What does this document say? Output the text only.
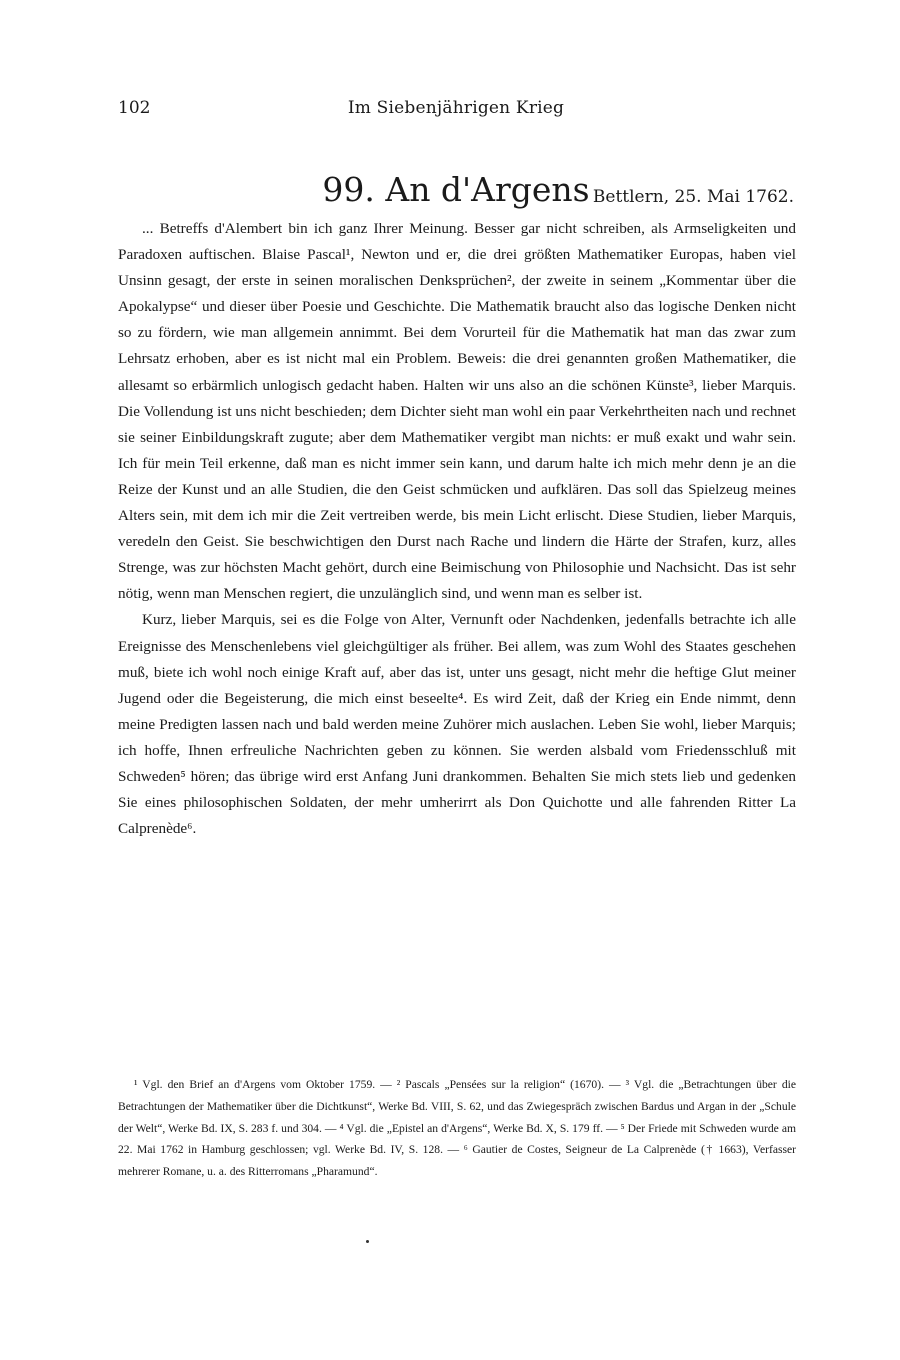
102	Im Siebenjährigen Krieg
99. An d'Argens Bettlern, 25. Mai 1762.

... Betreffs d'Alembert bin ich ganz Ihrer Meinung. Besser gar nicht schreiben, als Armseligkeiten und Paradoxen auftischen. Blaise Pascal¹, Newton und er, die drei größten Mathematiker Europas, haben viel Unsinn gesagt, der erste in seinen moralischen Denksprüchen², der zweite in seinem „Kommentar über die Apokalypse“ und dieser über Poesie und Geschichte. Die Mathematik braucht also das logische Denken nicht so zu fördern, wie man allgemein annimmt. Bei dem Vorurteil für die Mathematik hat man das zwar zum Lehrsatz erhoben, aber es ist nicht mal ein Problem. Beweis: die drei genannten großen Mathematiker, die allesamt so erbärmlich unlogisch gedacht haben. Halten wir uns also an die schönen Künste³, lieber Marquis. Die Vollendung ist uns nicht beschieden; dem Dichter sieht man wohl ein paar Verkehrtheiten nach und rechnet sie seiner Einbildungskraft zugute; aber dem Mathematiker vergibt man nichts: er muß exakt und wahr sein. Ich für mein Teil erkenne, daß man es nicht immer sein kann, und darum halte ich mich mehr denn je an die Reize der Kunst und an alle Studien, die den Geist schmücken und aufklären. Das soll das Spielzeug meines Alters sein, mit dem ich mir die Zeit vertreiben werde, bis mein Licht erlischt. Diese Studien, lieber Marquis, veredeln den Geist. Sie beschwichtigen den Durst nach Rache und lindern die Härte der Strafen, kurz, alles Strenge, was zur höchsten Macht gehört, durch eine Beimischung von Philosophie und Nachsicht. Das ist sehr nötig, wenn man Menschen regiert, die unzulänglich sind, und wenn man es selber ist.

Kurz, lieber Marquis, sei es die Folge von Alter, Vernunft oder Nachdenken, jedenfalls betrachte ich alle Ereignisse des Menschenlebens viel gleichgültiger als früher. Bei allem, was zum Wohl des Staates geschehen muß, biete ich wohl noch einige Kraft auf, aber das ist, unter uns gesagt, nicht mehr die heftige Glut meiner Jugend oder die Begeisterung, die mich einst beseelte⁴. Es wird Zeit, daß der Krieg ein Ende nimmt, denn meine Predigten lassen nach und bald werden meine Zuhörer mich auslachen. Leben Sie wohl, lieber Marquis; ich hoffe, Ihnen erfreuliche Nachrichten geben zu können. Sie werden alsbald vom Friedensschluß mit Schweden⁵ hören; das übrige wird erst Anfang Juni drankommen. Behalten Sie mich stets lieb und gedenken Sie eines philosophischen Soldaten, der mehr umherirrt als Don Quichotte und alle fahrenden Ritter La Calprenède⁶.

¹ Vgl. den Brief an d'Argens vom Oktober 1759. — ² Pascals „Pensées sur la religion“ (1670). — ³ Vgl. die „Betrachtungen über die Betrachtungen der Mathematiker über die Dichtkunst“, Werke Bd. VIII, S. 62, und das Zwiegespräch zwischen Bardus und Argan in der „Schule der Welt“, Werke Bd. IX, S. 283 f. und 304. — ⁴ Vgl. die „Epistel an d'Argens“, Werke Bd. X, S. 179 ff. — ⁵ Der Friede mit Schweden wurde am 22. Mai 1762 in Hamburg geschlossen; vgl. Werke Bd. IV, S. 128. — ⁶ Gautier de Costes, Seigneur de La Calprenède († 1663), Verfasser mehrerer Romane, u. a. des Ritterromans „Pharamund“.
